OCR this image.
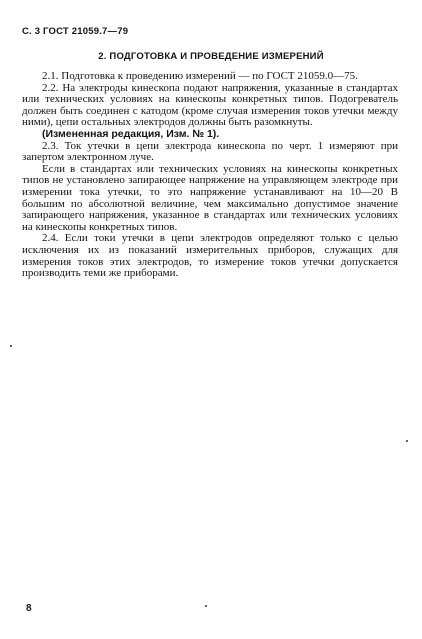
С. 3 ГОСТ 21059.7—79
2. ПОДГОТОВКА И ПРОВЕДЕНИЕ ИЗМЕРЕНИЙ

2.1. Подготовка к проведению измерений — по ГОСТ 21059.0—75.

2.2. На электроды кинескопа подают напряжения, указанные в стандартах или технических условиях на кинескопы конкретных типов. Подогреватель должен быть соединен с катодом (кроме случая измерения токов утечки между ними), цепи остальных электродов должны быть разомкнуты.

(Измененная редакция, Изм. № 1).

2.3. Ток утечки в цепи электрода кинескопа по черт. 1 измеряют при запертом электронном луче.

Если в стандартах или технических условиях на кинескопы конкретных типов не установлено запирающее напряжение на управляющем электроде при измерении тока утечки, то это напряжение устанавливают на 10—20 В большим по абсолютной величине, чем максимально допустимое значение запирающего напряжения, указанное в стандартах или технических условиях на кинескопы конкретных типов.

2.4. Если токи утечки в цепи электродов определяют только с целью исключения их из показаний измерительных приборов, служащих для измерения токов этих электродов, то измерение токов утечки допускается производить теми же приборами.

8
